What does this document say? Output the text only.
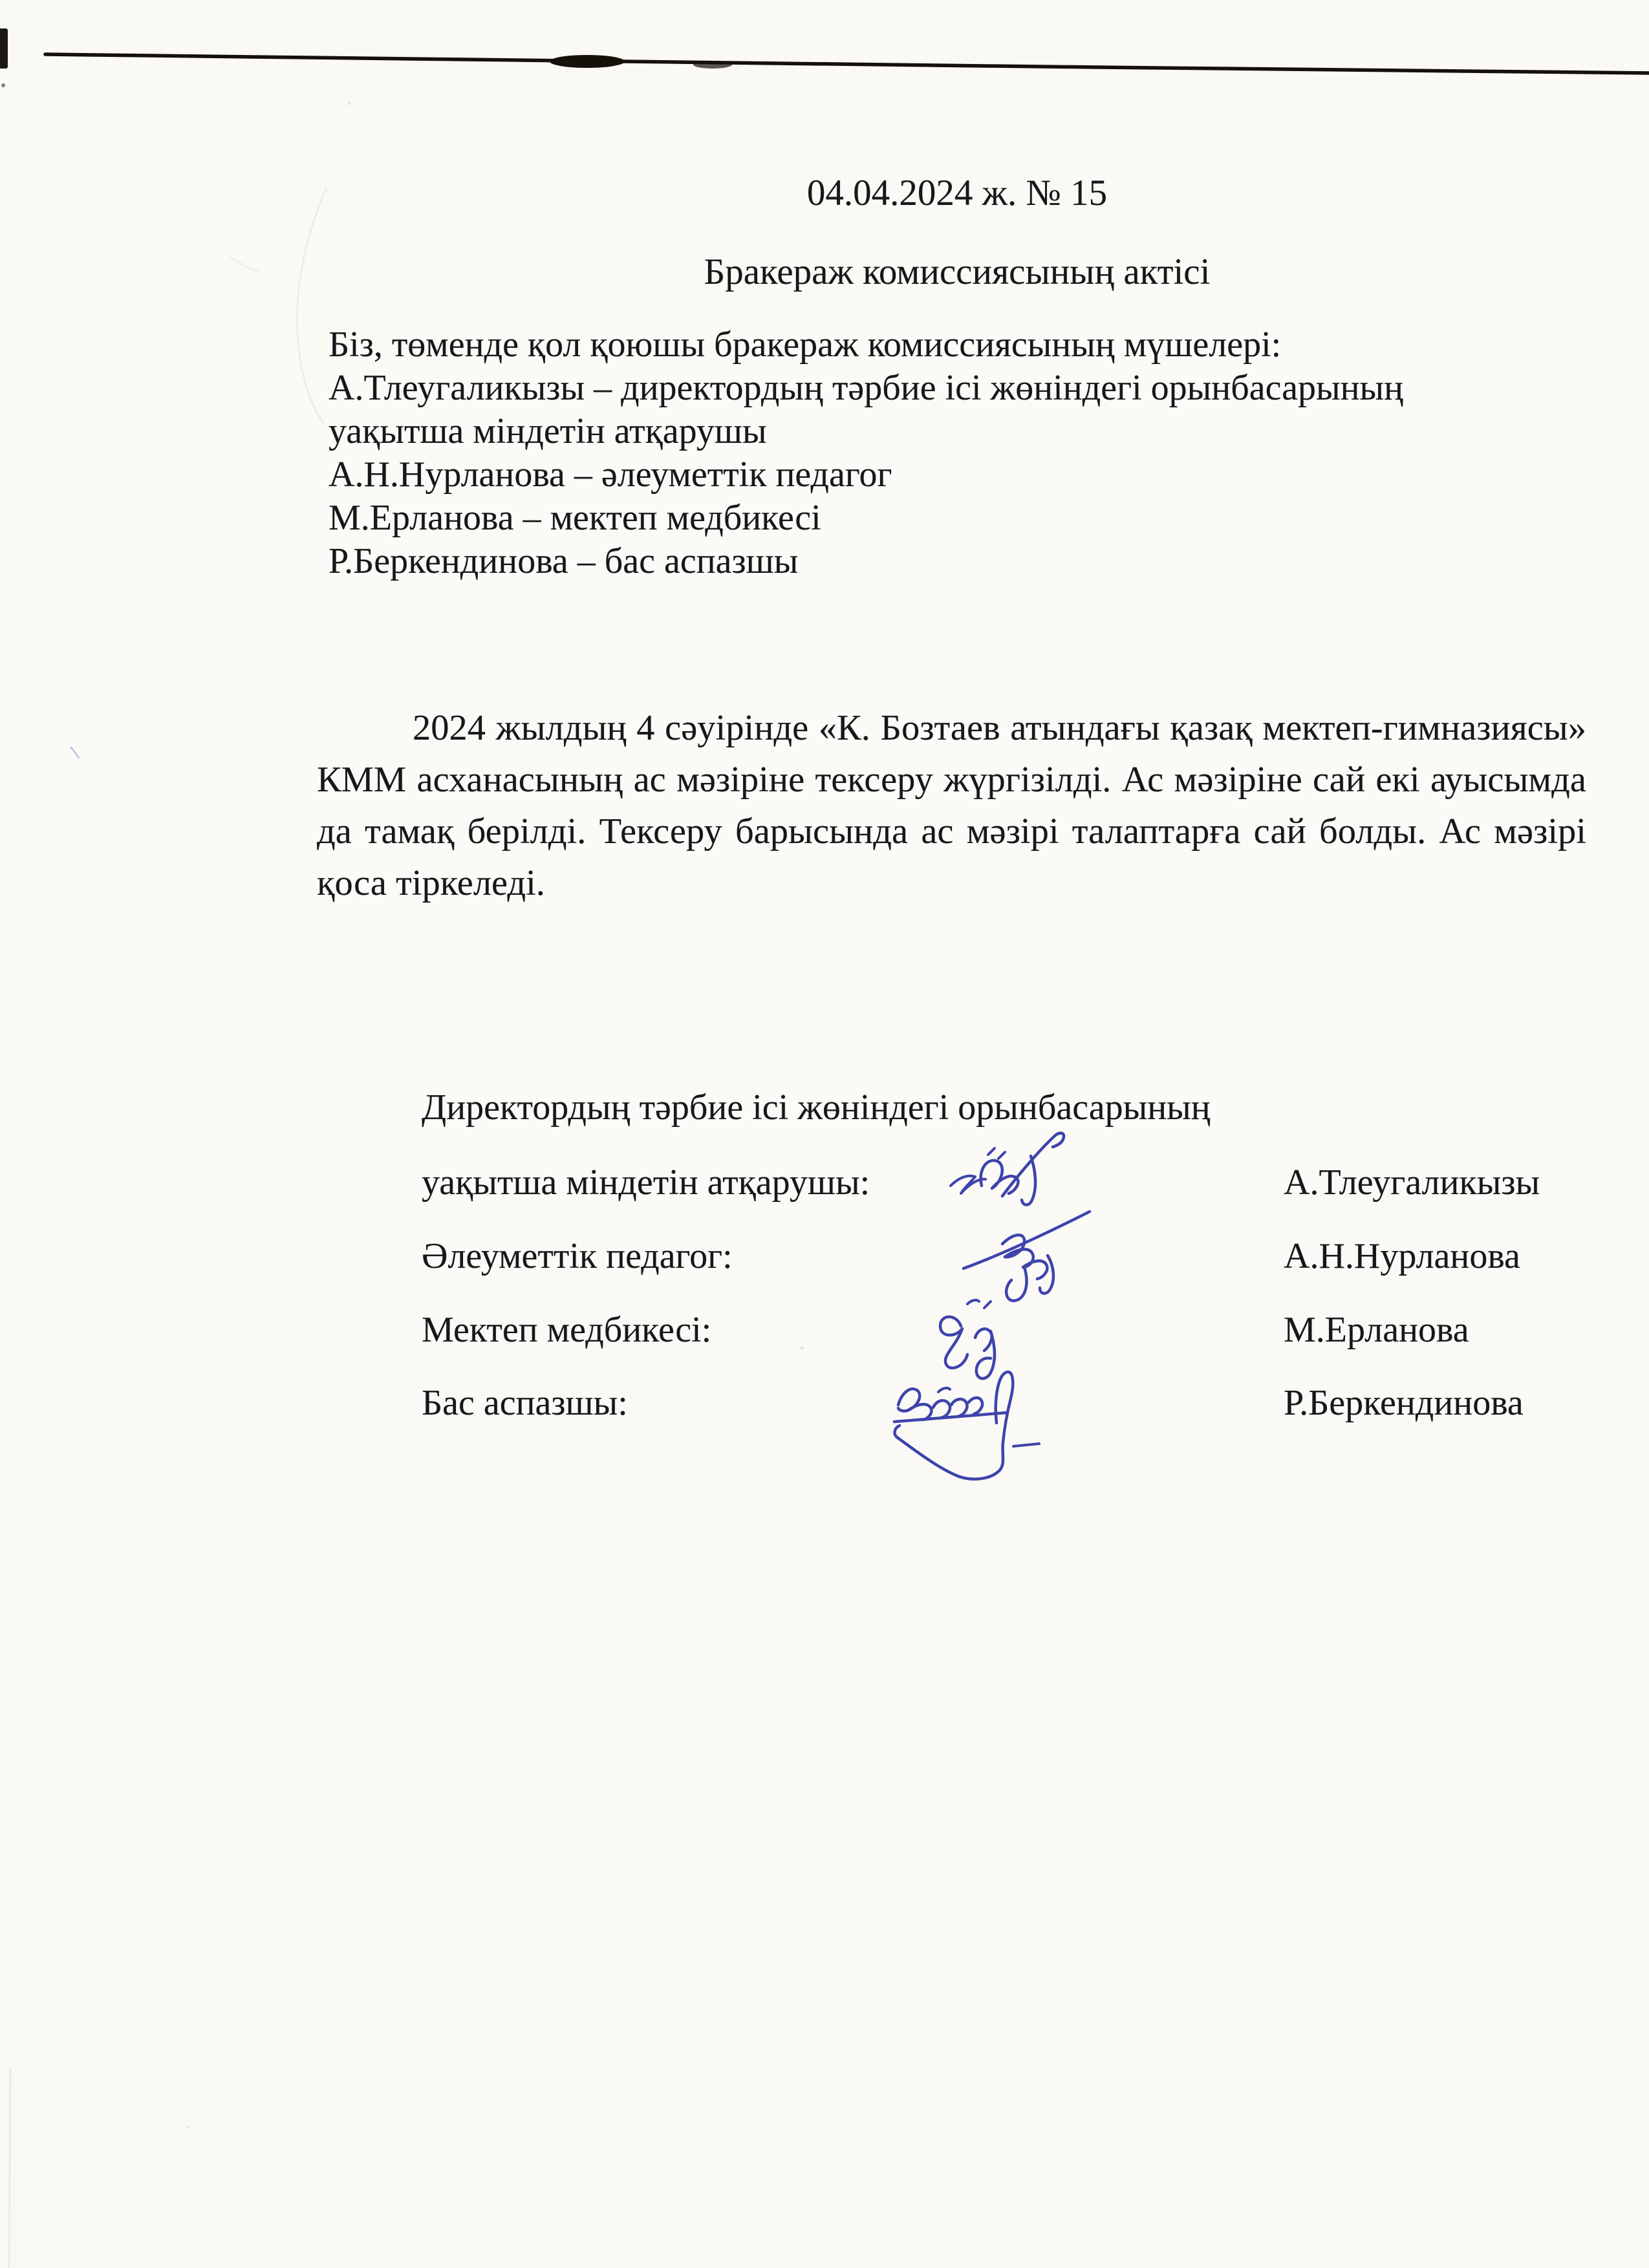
04.04.2024 ж. № 15
Бракераж комиссиясының актісі
Біз, төменде қол қоюшы бракераж комиссиясының мүшелері:
А.Тлеугаликызы – директордың тәрбие ісі жөніндегі орынбасарының
уақытша міндетін атқарушы
А.Н.Нурланова – әлеуметтік педагог
М.Ерланова – мектеп медбикесі
Р.Беркендинова – бас аспазшы

2024 жылдың 4 сәуірінде «К. Бозтаев атындағы қазақ мектеп-гимназиясы» КММ асханасының ас мәзіріне тексеру жүргізілді. Ас мәзіріне сай екі ауысымда да тамақ берілді. Тексеру барысында ас мәзірі талаптарға сай болды. Ас мәзірі қоса тіркеледі.

Директордың тәрбие ісі жөніндегі орынбасарының
уақытша міндетін атқарушы:	А.Тлеугаликызы
Әлеуметтік педагог:	А.Н.Нурланова
Мектеп медбикесі:	М.Ерланова
Бас аспазшы:	Р.Беркендинова
